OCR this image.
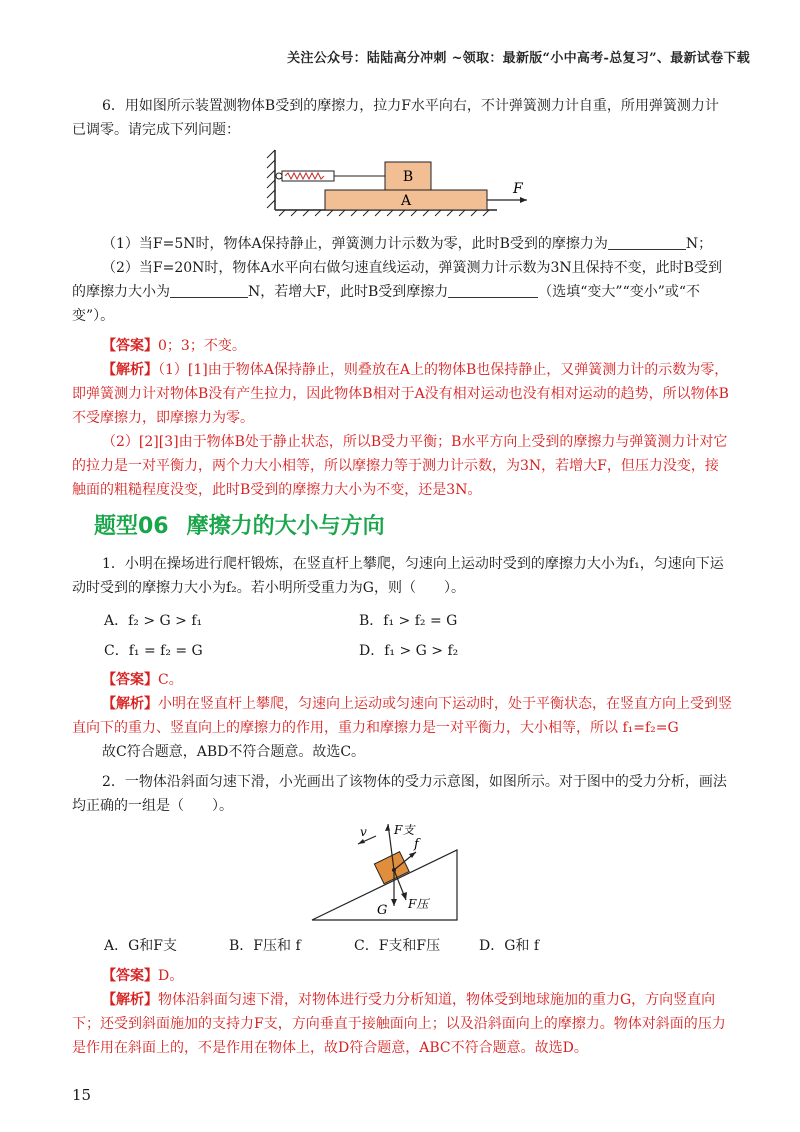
关注公众号：陆陆高分冲刺 ~领取：最新版“小中高考-总复习”、最新试卷下载

6．用如图所示装置测物体B受到的摩擦力，拉力F水平向右，不计弹簧测力计自重，所用弹簧测力计已调零。请完成下列问题：

B
A
F

（1）当F=5N时，物体A保持静止，弹簧测力计示数为零，此时B受到的摩擦力为	N；

（2）当F=20N时，物体A水平向右做匀速直线运动，弹簧测力计示数为3N且保持不变，此时B受到的摩擦力大小为	N，若增大F，此时B受到摩擦力	（选填“变大”“变小”或“不变”）。

【答案】0；3；不变。

【解析】（1）[1]由于物体A保持静止，则叠放在A上的物体B也保持静止，又弹簧测力计的示数为零，即弹簧测力计对物体B没有产生拉力，因此物体B相对于A没有相对运动也没有相对运动的趋势，所以物体B不受摩擦力，即摩擦力为零。

（2）[2][3]由于物体B处于静止状态，所以B受力平衡；B水平方向上受到的摩擦力与弹簧测力计对它的拉力是一对平衡力，两个力大小相等，所以摩擦力等于测力计示数，为3N，若增大F，但压力没变，接触面的粗糙程度没变，此时B受到的摩擦力大小为不变，还是3N。

题型06 摩擦力的大小与方向

1．小明在操场进行爬杆锻炼，在竖直杆上攀爬，匀速向上运动时受到的摩擦力大小为f₁，匀速向下运动时受到的摩擦力大小为f₂。若小明所受重力为G，则（　　）。

A．f₂ > G > f₁	B．f₁ > f₂ = G
C．f₁ = f₂ = G	D．f₁ > G > f₂

【答案】C。

【解析】小明在竖直杆上攀爬，匀速向上运动或匀速向下运动时，处于平衡状态，在竖直方向上受到竖直向下的重力、竖直向上的摩擦力的作用，重力和摩擦力是一对平衡力，大小相等，所以 f₁=f₂=G

故C符合题意，ABD不符合题意。故选C。

2．一物体沿斜面匀速下滑，小光画出了该物体的受力示意图，如图所示。对于图中的受力分析，画法均正确的一组是（　　）。

F支
f
G F压
v
A．G和F支	B．F压和 f	C．F支和F压	D．G和 f

【答案】D。

【解析】物体沿斜面匀速下滑，对物体进行受力分析知道，物体受到地球施加的重力G，方向竖直向下；还受到斜面施加的支持力F支，方向垂直于接触面向上；以及沿斜面向上的摩擦力。物体对斜面的压力是作用在斜面上的，不是作用在物体上，故D符合题意，ABC不符合题意。故选D。

15
